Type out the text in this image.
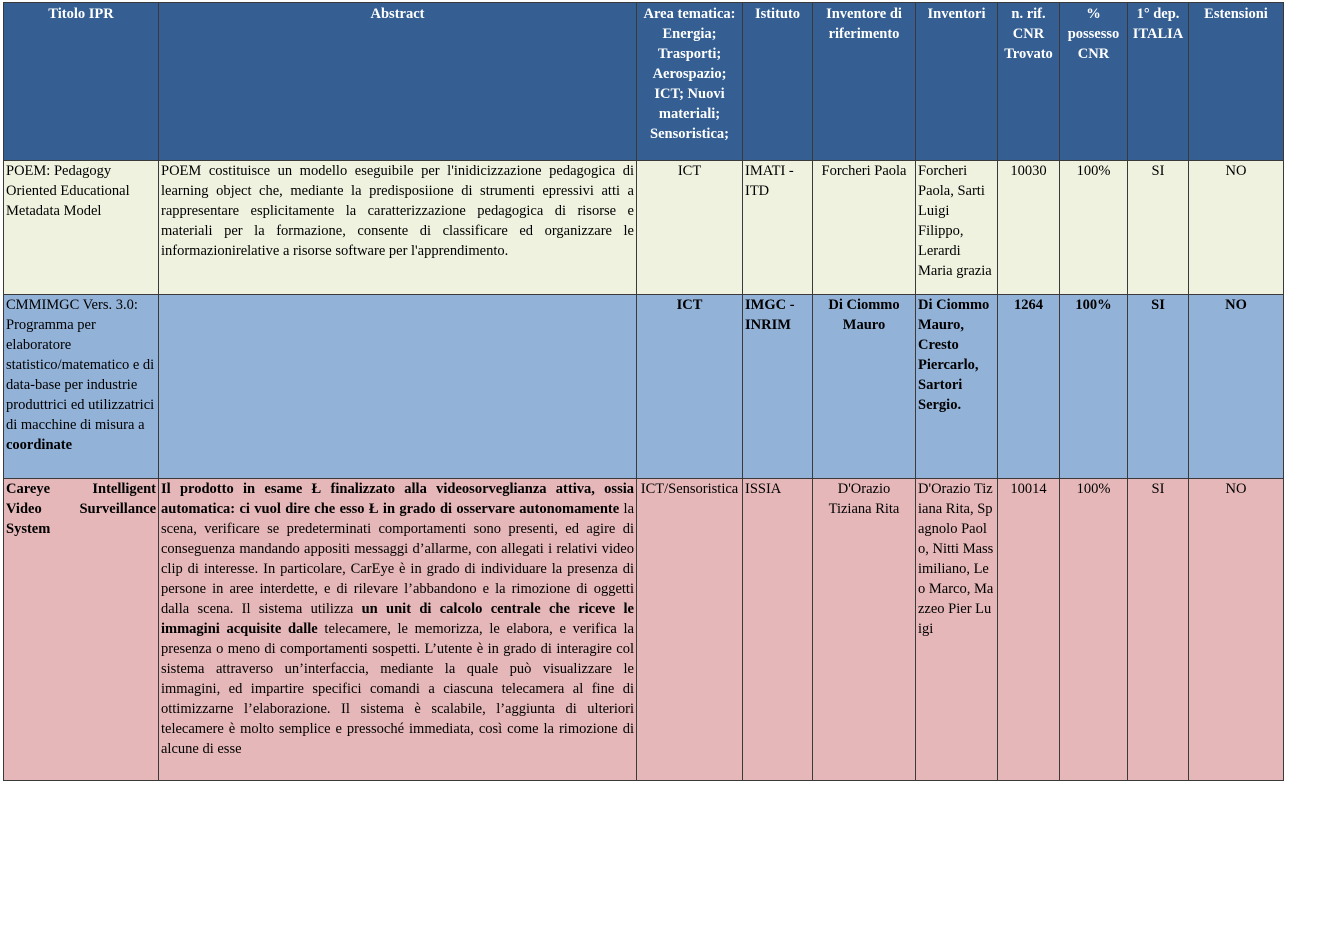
Titolo IPR	Abstract	Area tematica: Energia; Trasporti; Aerospazio; ICT; Nuovi materiali; Sensoristica;	Istituto	Inventore di riferimento	Inventori	n. rif. CNR Trovato	% possesso CNR	1° dep. ITALIA	Estensioni
POEM: Pedagogy Oriented Educational Metadata Model	POEM costituisce un modello eseguibile per l'inidicizzazione pedagogica di learning object che, mediante la predisposiione di strumenti epressivi atti a rappresentare esplicitamente la caratterizzazione pedagogica di risorse e materiali per la formazione, consente di classificare ed organizzare le informazionirelative a risorse software per l'apprendimento.	ICT	IMATI - ITD	Forcheri Paola	Forcheri Paola, Sarti Luigi Filippo, Lerardi Maria grazia	10030	100%	SI	NO
CMMIMGC Vers. 3.0: Programma per elaboratore statistico/matematico e di data-base per industrie produttrici ed utilizzatrici di macchine di misura a coordinate		ICT	IMGC - INRIM	Di Ciommo Mauro	Di Ciommo Mauro, Cresto Piercarlo, Sartori Sergio.	1264	100%	SI	NO
Careye Intelligent Video Surveillance System	Il prodotto in esame Ł finalizzato alla videosorveglianza attiva, ossia automatica: ci vuol dire che esso Ł in grado di osservare autonomamente la scena, verificare se predeterminati comportamenti sono presenti, ed agire di conseguenza mandando appositi messaggi d’allarme, con allegati i relativi video clip di interesse. In particolare, CarEye è in grado di individuare la presenza di persone in aree interdette, e di rilevare l’abbandono e la rimozione di oggetti dalla scena. Il sistema utilizza un unit di calcolo centrale che riceve le immagini acquisite dalle telecamere, le memorizza, le elabora, e verifica la presenza o meno di comportamenti sospetti. L’utente è in grado di interagire col sistema attraverso un’interfaccia, mediante la quale può visualizzare le immagini, ed impartire specifici comandi a ciascuna telecamera al fine di ottimizzarne l’elaborazione. Il sistema è scalabile, l’aggiunta di ulteriori telecamere è molto semplice e pressoché immediata, così come la rimozione di alcune di esse	ICT/Sensoristica	ISSIA	D'Orazio Tiziana Rita	D'Orazio Tiziana Rita, Spagnolo Paolo, Nitti Massimiliano, Leo Marco, Mazzeo Pier Luigi	10014	100%	SI	NO
